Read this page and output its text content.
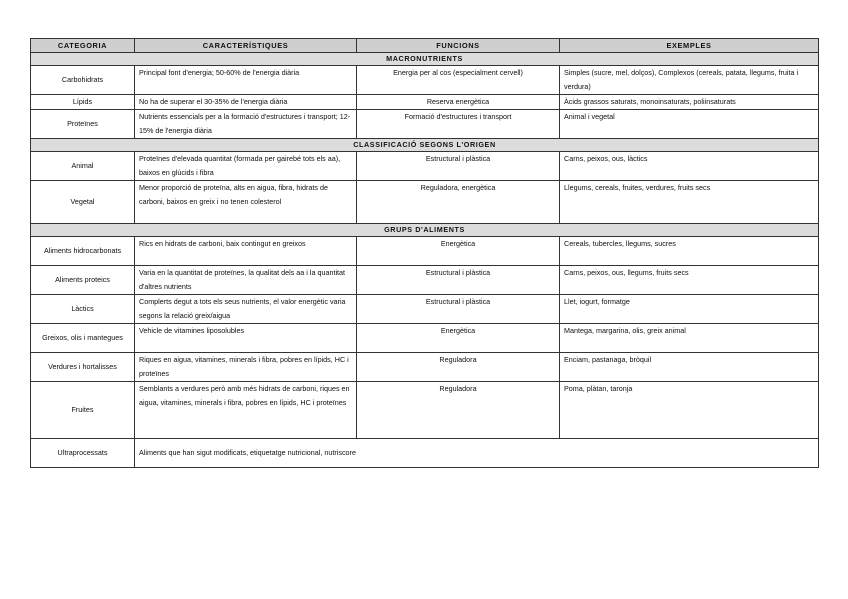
CATEGORIA	CARACTERÍSTIQUES	FUNCIONS	EXEMPLES
MACRONUTRIENTS			
Carbohidrats	Principal font d'energia; 50-60% de l'energia diària	Energia per al cos (especialment cervell)	Simples (sucre, mel, dolços), Complexos (cereals, patata, llegums, fruita i verdura)
Lípids	No ha de superar el 30-35% de l'energia diària	Reserva energètica	Àcids grassos saturats, monoinsaturats, poliinsaturats
Proteïnes	Nutrients essencials per a la formació d'estructures i transport; 12-15% de l'energia diària	Formació d'estructures i transport	Animal i vegetal
CLASSIFICACIÓ SEGONS L'ORIGEN			
Animal	Proteïnes d'elevada quantitat (formada per gairebé tots els aa), baixos en glúcids i fibra	Estructural i plàstica	Carns, peixos, ous, làctics
Vegetal	Menor proporció de proteïna, alts en aigua, fibra, hidrats de carboni, baixos en greix i no tenen colesterol	Reguladora, energètica	Llegums, cereals, fruites, verdures, fruits secs
GRUPS D'ALIMENTS			
Aliments hidrocarbonats	Rics en hidrats de carboni, baix contingut en greixos	Energètica	Cereals, tubercles, llegums, sucres
Aliments proteics	Varia en la quantitat de proteïnes, la qualitat dels aa i la quantitat d'altres nutrients	Estructural i plàstica	Carns, peixos, ous, llegums, fruits secs
Làctics	Complerts degut a tots els seus nutrients, el valor energètic varia segons la relació greix/aigua	Estructural i plàstica	Llet, iogurt, formatge
Greixos, olis i mantegues	Vehicle de vitamines liposolubles	Energètica	Mantega, margarina, olis, greix animal
Verdures i hortalisses	Riques en aigua, vitamines, minerals i fibra, pobres en lípids, HC i proteïnes	Reguladora	Enciam, pastanaga, bròquil
Fruites	Semblants a verdures però amb més hidrats de carboni, riques en aigua, vitamines, minerals i fibra, pobres en lípids, HC i proteïnes	Reguladora	Poma, plàtan, taronja
Ultraprocessats	Aliments que han sigut modificats, etiquetatge nutricional, nutriscore		
